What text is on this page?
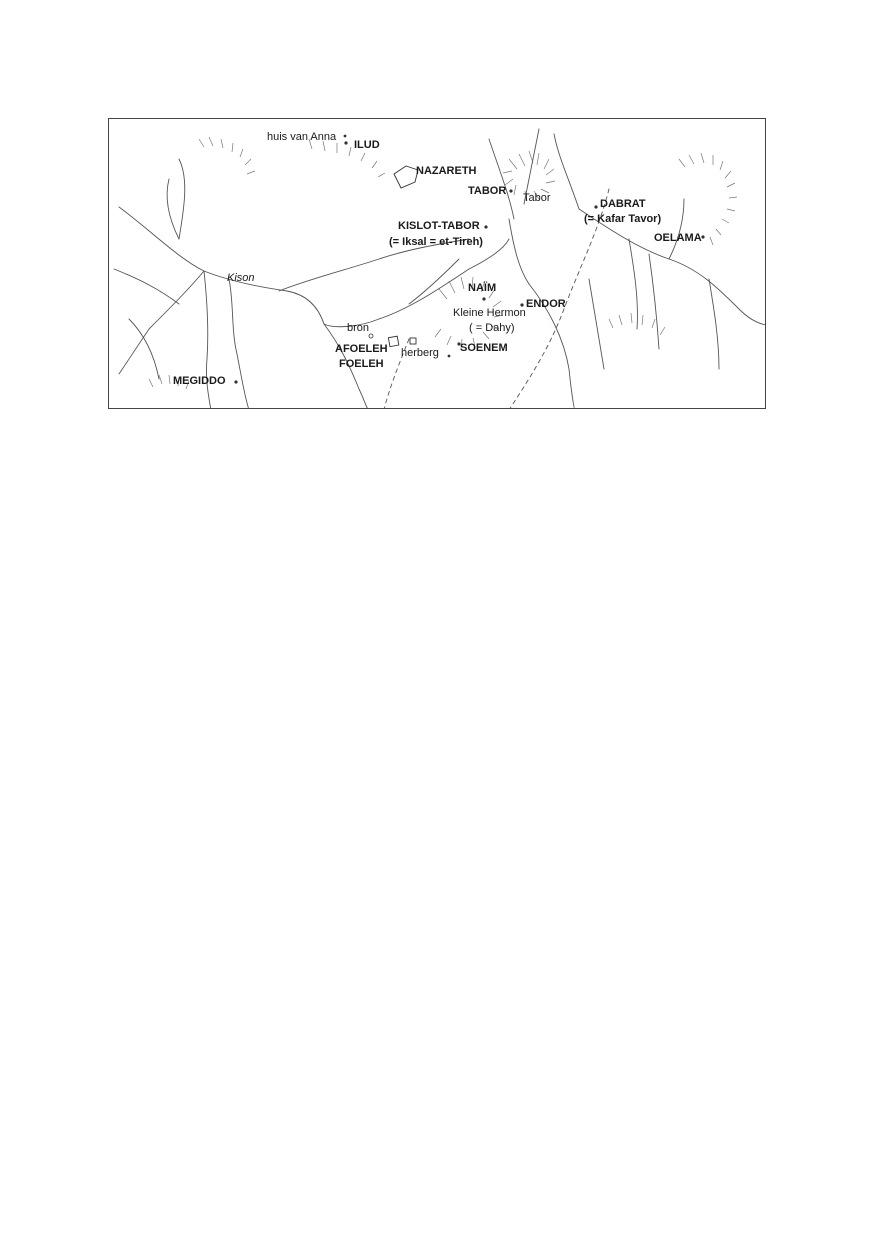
huis van Anna
ILUD
NAZARETH
TABOR
Tabor	DABRAT
(= Kafar Tavor)
OELAMA
KISLOT-TABOR
(= Iksal = et-Tireh)
Kison
NAÏM
ENDOR
Kleine Hermon
( = Dahy)
bron
AFOELEH
FOELEH
herberg SOENEM
MEGIDDO
